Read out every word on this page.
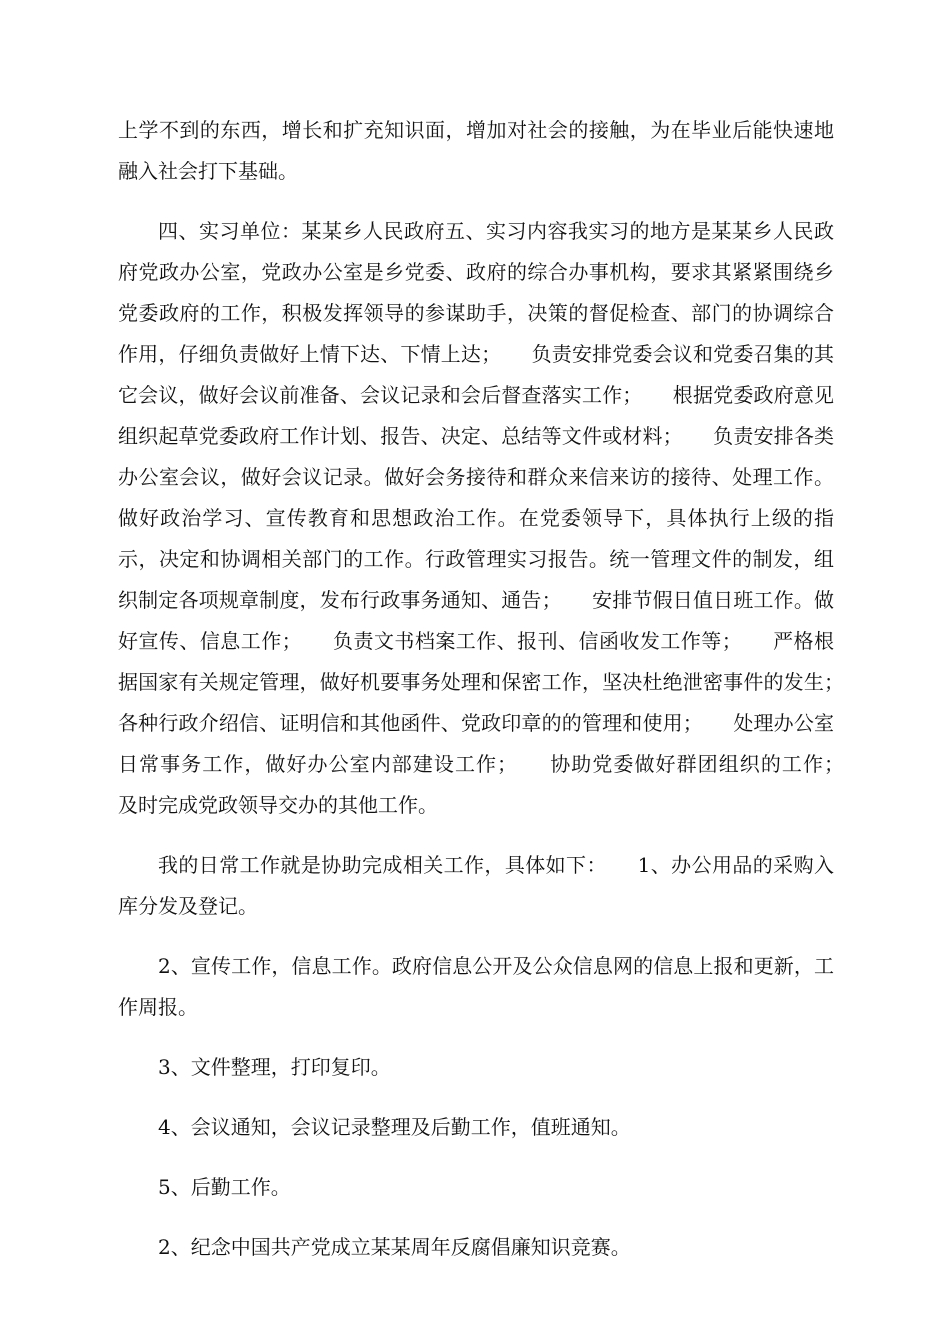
上学不到的东西，增长和扩充知识面，增加对社会的接触，为在毕业后能快速地融入社会打下基础。

四、实习单位：某某乡人民政府五、实习内容我实习的地方是某某乡人民政府党政办公室，党政办公室是乡党委、政府的综合办事机构，要求其紧紧围绕乡党委政府的工作，积极发挥领导的参谋助手，决策的督促检查、部门的协调综合作用，仔细负责做好上情下达、下情上达；　　负责安排党委会议和党委召集的其它会议，做好会议前准备、会议记录和会后督查落实工作；　　根据党委政府意见组织起草党委政府工作计划、报告、决定、总结等文件或材料；　　负责安排各类办公室会议，做好会议记录。做好会务接待和群众来信来访的接待、处理工作。做好政治学习、宣传教育和思想政治工作。在党委领导下，具体执行上级的指示，决定和协调相关部门的工作。行政管理实习报告。统一管理文件的制发，组织制定各项规章制度，发布行政事务通知、通告；　　安排节假日值日班工作。做好宣传、信息工作；　　负责文书档案工作、报刊、信函收发工作等；　　严格根据国家有关规定管理，做好机要事务处理和保密工作，坚决杜绝泄密事件的发生；　　各种行政介绍信、证明信和其他函件、党政印章的的管理和使用；　　处理办公室日常事务工作，做好办公室内部建设工作；　　协助党委做好群团组织的工作；　　及时完成党政领导交办的其他工作。

我的日常工作就是协助完成相关工作，具体如下：　　1、办公用品的采购入库分发及登记。

2、宣传工作，信息工作。政府信息公开及公众信息网的信息上报和更新，工作周报。

3、文件整理，打印复印。

4、会议通知，会议记录整理及后勤工作，值班通知。

5、后勤工作。

2、纪念中国共产党成立某某周年反腐倡廉知识竞赛。
